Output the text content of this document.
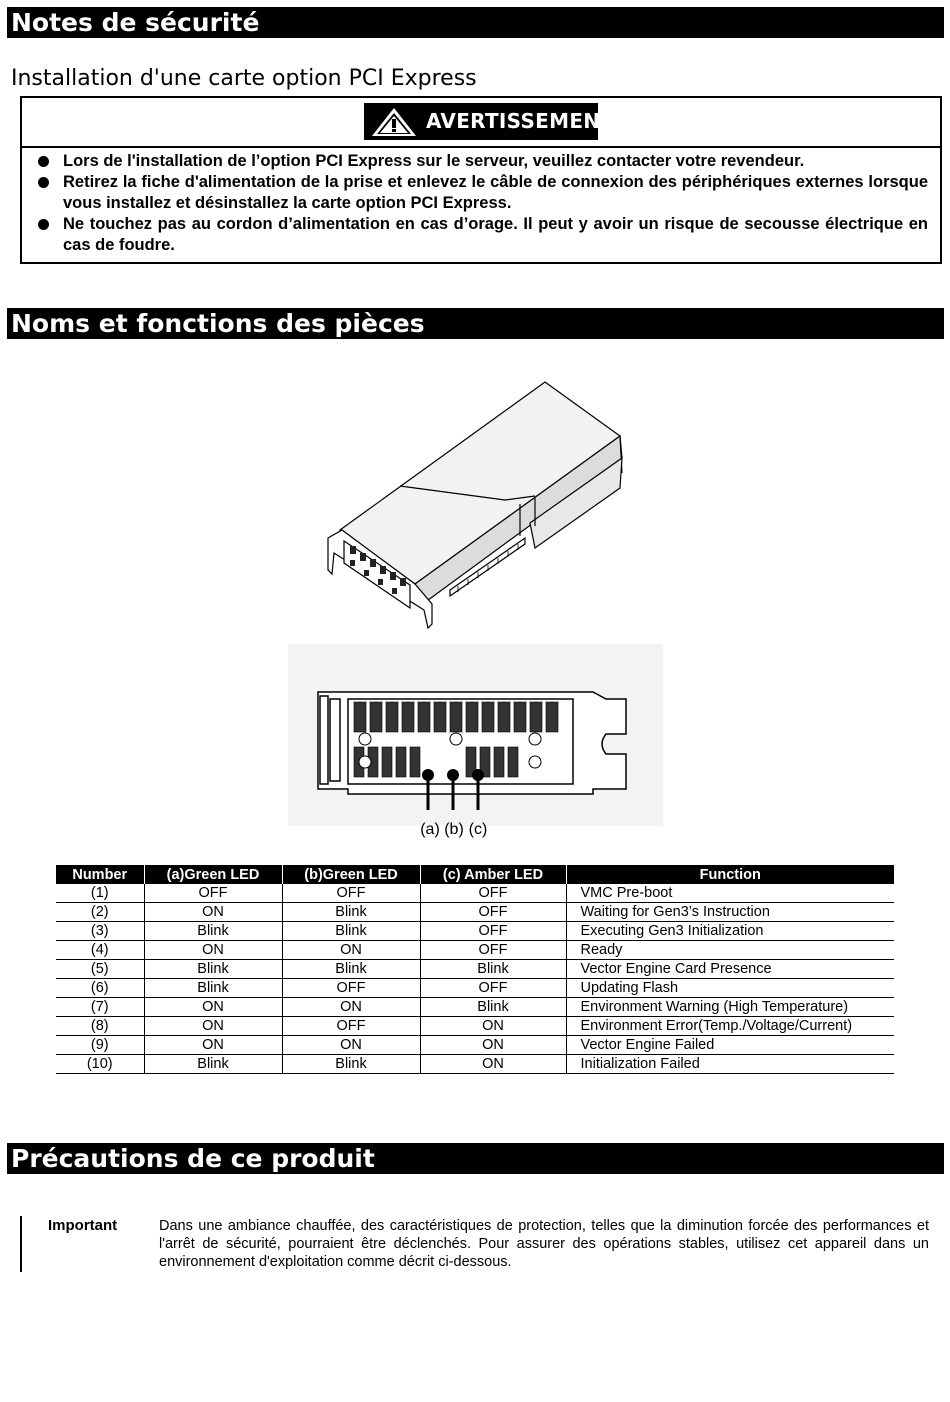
Notes de sécurité
Installation d'une carte option PCI Express
AVERTISSEMENT
Lors de l'installation de l’option PCI Express sur le serveur, veuillez contacter votre revendeur.
Retirez la fiche d'alimentation de la prise et enlevez le câble de connexion des périphériques externes lorsque vous installez et désinstallez la carte option PCI Express.
Ne touchez pas au cordon d’alimentation en cas d’orage. Il peut y avoir un risque de secousse électrique en cas de foudre.
Noms et fonctions des pièces
(a) (b) (c)
Number	(a)Green LED	(b)Green LED	(c) Amber LED	Function
(1)	OFF	OFF	OFF	VMC Pre-boot
(2)	ON	Blink	OFF	Waiting for Gen3’s Instruction
(3)	Blink	Blink	OFF	Executing Gen3 Initialization
(4)	ON	ON	OFF	Ready
(5)	Blink	Blink	Blink	Vector Engine Card Presence
(6)	Blink	OFF	OFF	Updating Flash
(7)	ON	ON	Blink	Environment Warning (High Temperature)
(8)	ON	OFF	ON	Environment Error(Temp./Voltage/Current)
(9)	ON	ON	ON	Vector Engine Failed
(10)	Blink	Blink	ON	Initialization Failed
Précautions de ce produit
Important	Dans une ambiance chauffée, des caractéristiques de protection, telles que la diminution forcée des performances et l'arrêt de sécurité, pourraient être déclenchés. Pour assurer des opérations stables, utilisez cet appareil dans un environnement d'exploitation comme décrit ci-dessous.
